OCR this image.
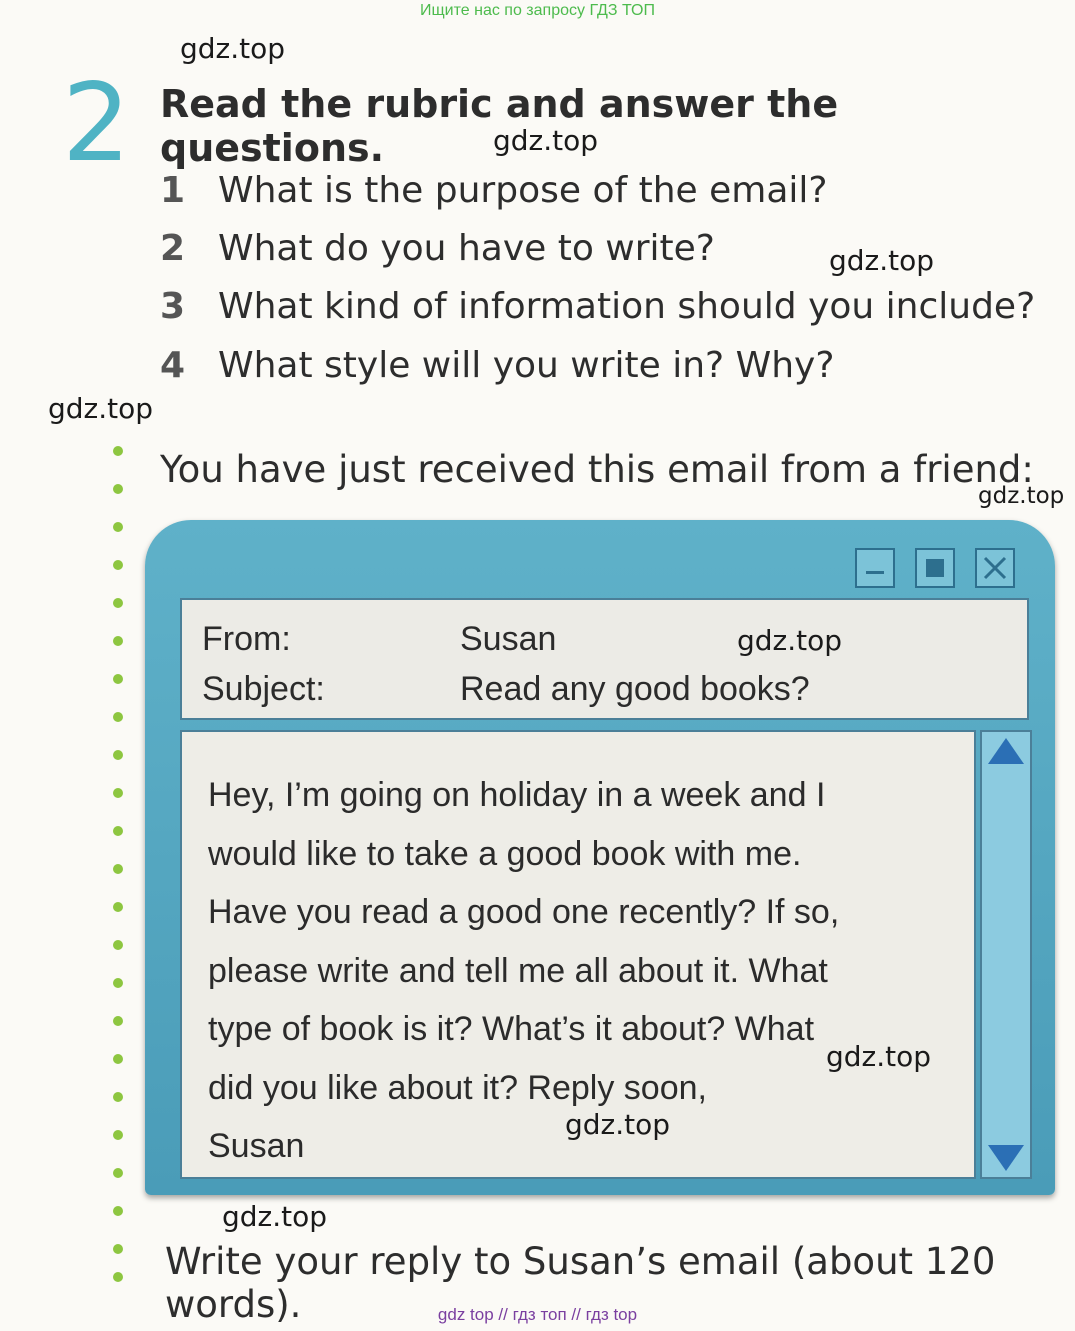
Ищите нас по запросу ГДЗ ТОП
gdz.top
gdz.top
gdz.top
gdz.top
gdz.top
2 Read the rubric and answer the questions.
1 What is the purpose of the email?
2 What do you have to write?
3 What kind of information should you include?
4 What style will you write in? Why?
You have just received this email from a friend:
From:	Susan
Subject:	Read any good books?
Hey, I’m going on holiday in a week and I
would like to take a good book with me.
Have you read a good one recently? If so,
please write and tell me all about it. What
type of book is it? What’s it about? What
did you like about it? Reply soon,
Susan
gdz.top
gdz.top
gdz.top
gdz.top
Write your reply to Susan’s email (about 120 words).	gdz top // гдз топ // гдз top
